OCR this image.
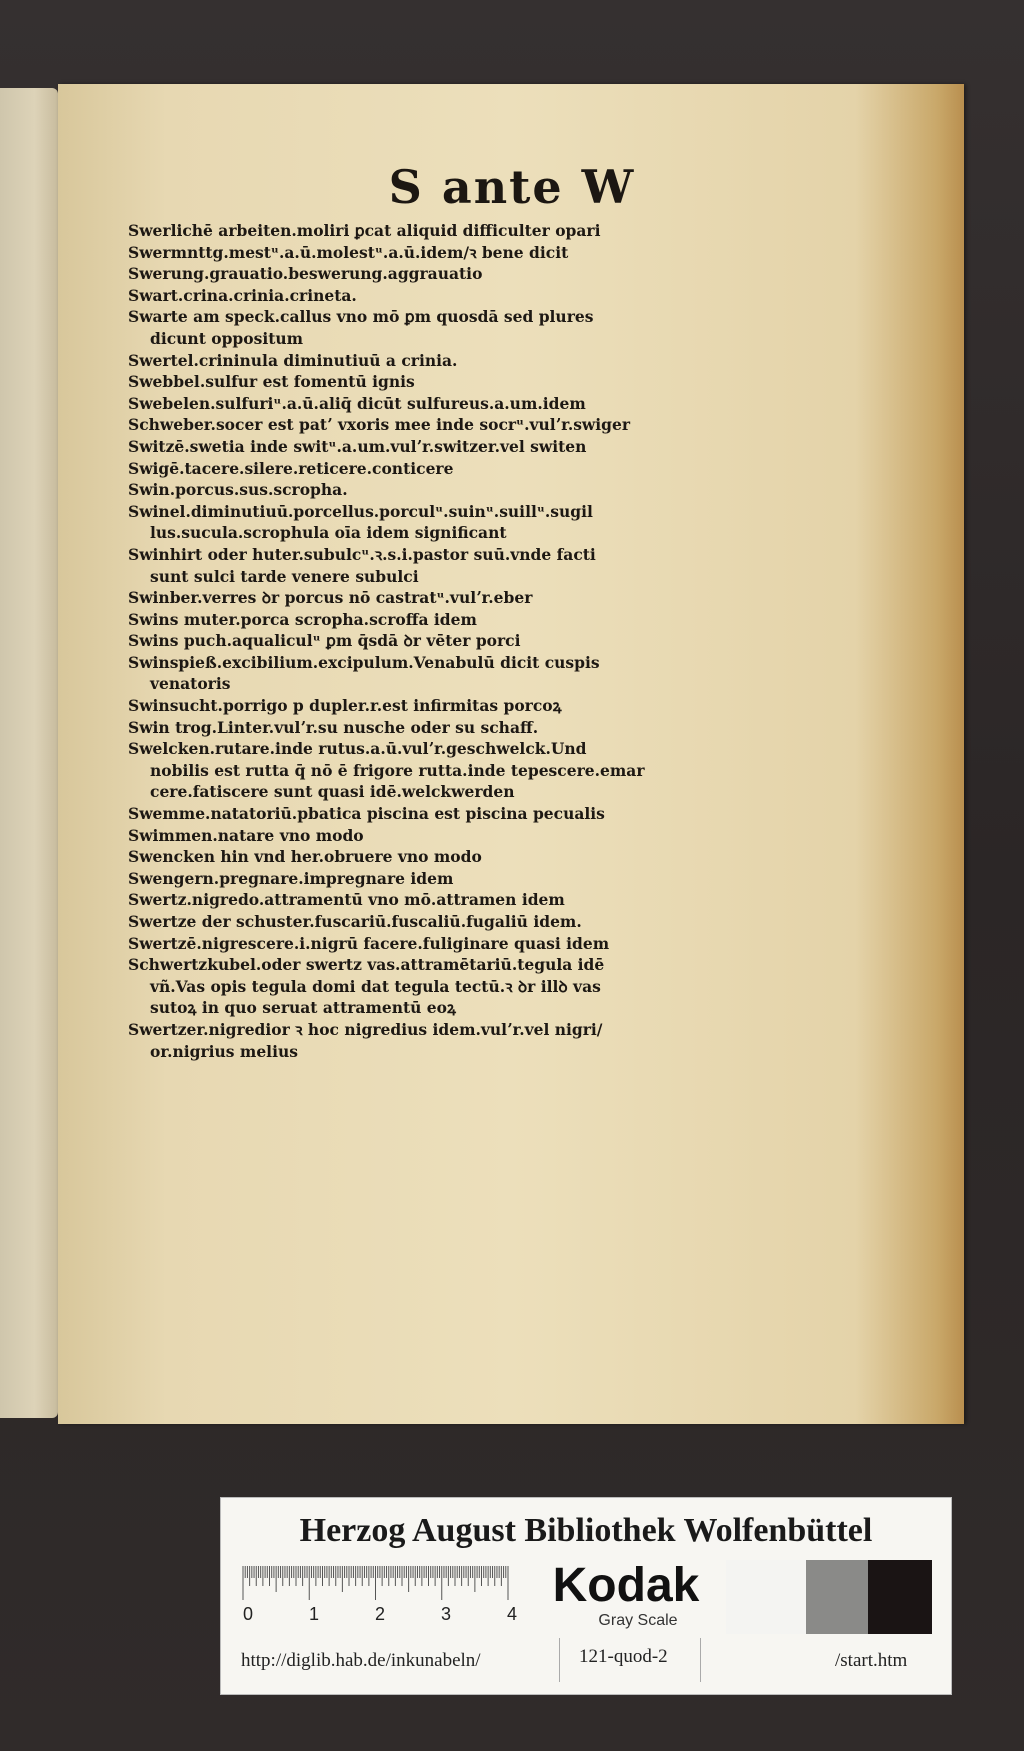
S ante W
Swerlichē arbeiten.moliri ꝑcat aliquid difficulter opari
Swermnttg.mestᵘ.a.ū.molestᵘ.a.ū.idem/ꝛ bene dicit
Swerung.grauatio.beswerung.aggrauatio
Swart.crina.crinia.crineta.
Swarte am speck.callus vno mō ꝑm quosdā sed plures
dicunt oppositum
Swertel.crininula diminutiuū a crinia.
Swebbel.sulfur est fomentū ignis
Swebelen.sulfuriᵘ.a.ū.aliq̄ dicūt sulfureus.a.um.idem
Schweber.socer est patʼ vxoris mee inde socrᵘ.vulʼr.swiger
Switzē.swetia inde switᵘ.a.um.vulʼr.switzer.vel switen
Swigē.tacere.silere.reticere.conticere
Swin.porcus.sus.scropha.
Swinel.diminutiuū.porcellus.porculᵘ.suinᵘ.suillᵘ.sugil
lus.sucula.scrophula oīa idem significant
Swinhirt oder huter.subulcᵘ.ꝛ.s.i.pastor suū.vnde facti
sunt sulci tarde venere subulci
Swinber.verres ꝺr porcus nō castratᵘ.vulʼr.eber
Swins muter.porca scropha.scroffa idem
Swins puch.aqualiculᵘ ꝑm q̄sdā ꝺr vēter porci
Swinspieß.excibilium.excipulum.Venabulū dicit cuspis
venatoris
Swinsucht.porrigo p dupler.r.est infirmitas porcoꝝ
Swin trog.Linter.vulʼr.su nusche oder su schaff.
Swelcken.rutare.inde rutus.a.ū.vulʼr.geschwelck.Und
nobilis est rutta q̄ nō ē frigore rutta.inde tepescere.emar
cere.fatiscere sunt quasi idē.welckwerden
Swemme.natatoriū.pbatica piscina est piscina pecualis
Swimmen.natare vno modo
Swencken hin vnd her.obruere vno modo
Swengern.pregnare.impregnare idem
Swertz.nigredo.attramentū vno mō.attramen idem
Swertze der schuster.fuscariū.fuscaliū.fugaliū idem.
Swertzē.nigrescere.i.nigrū facere.fuliginare quasi idem
Schwertzkubel.oder swertz vas.attramētariū.tegula idē
vñ.Vas opis tegula domi dat tegula tectū.ꝛ ꝺr illꝺ vas
sutoꝝ in quo seruat attramentū eoꝝ
Swertzer.nigredior ꝛ hoc nigredius idem.vulʼr.vel nigri/
or.nigrius melius
Herzog August Bibliothek Wolfenbüttel
0	1	2	3	4
Kodak
Gray Scale
http://diglib.hab.de/inkunabeln/	121-quod-2	/start.htm
